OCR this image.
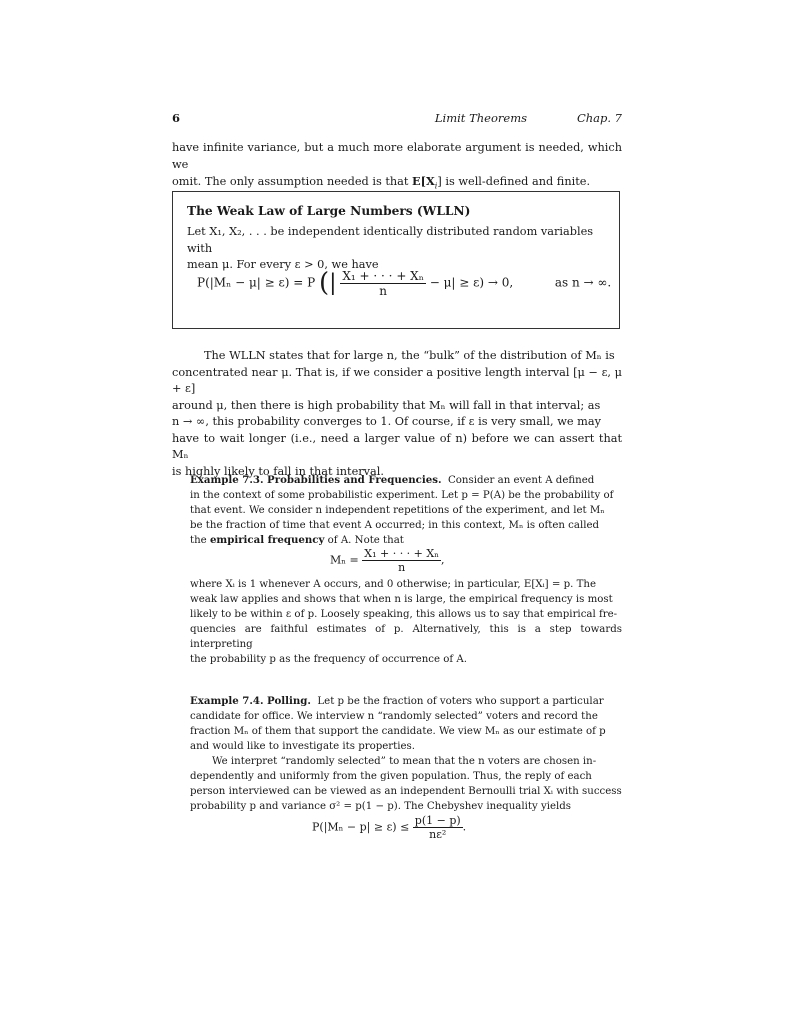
6	Limit Theorems	Chap. 7
have infinite variance, but a much more elaborate argument is needed, which we
omit. The only assumption needed is that $E[X_i]$ is well-defined and finite.
The Weak Law of Large Numbers (WLLN)
Let X₁, X₂, . . . be independent identically distributed random variables with
mean μ. For every ε > 0, we have
P(|Mₙ − μ| ≥ ε) = P (| $\frac{\text{X₁ + · · · + Xₙ}}{n} - \mu| \ge \varepsilon) \to 0$,	as n → ∞.
The WLLN states that for large n, the “bulk” of the distribution of Mₙ is
concentrated near μ. That is, if we consider a positive length interval [μ − ε, μ + ε]
around μ, then there is high probability that Mₙ will fall in that interval; as
n → ∞, this probability converges to 1. Of course, if ε is very small, we may
have to wait longer (i.e., need a larger value of n) before we can assert that Mₙ
is highly likely to fall in that interval.
Example 7.3. Probabilities and Frequencies. Consider an event A defined
in the context of some probabilistic experiment. Let p = P(A) be the probability of
that event. We consider n independent repetitions of the experiment, and let Mₙ
be the fraction of time that event A occurred; in this context, Mₙ is often called
the empirical frequency of A. Note that
$M_n = \frac{\text{X₁ + · · · + Xₙ}}{n}$ ,
where Xᵢ is 1 whenever A occurs, and 0 otherwise; in particular, E[Xᵢ] = p. The
weak law applies and shows that when n is large, the empirical frequency is most
likely to be within ε of p. Loosely speaking, this allows us to say that empirical fre-
quencies are faithful estimates of p. Alternatively, this is a step towards interpreting
the probability p as the frequency of occurrence of A.
Example 7.4. Polling. Let p be the fraction of voters who support a particular
candidate for office. We interview n “randomly selected” voters and record the
fraction Mₙ of them that support the candidate. We view Mₙ as our estimate of p
and would like to investigate its properties.
We interpret “randomly selected” to mean that the n voters are chosen in-
dependently and uniformly from the given population. Thus, the reply of each
person interviewed can be viewed as an independent Bernoulli trial Xᵢ with success
probability p and variance σ² = p(1 − p). The Chebyshev inequality yields
$P(|M_n - p| \ge \varepsilon) \le \frac{p(1 - p)}{\text{nε²}}$ .
